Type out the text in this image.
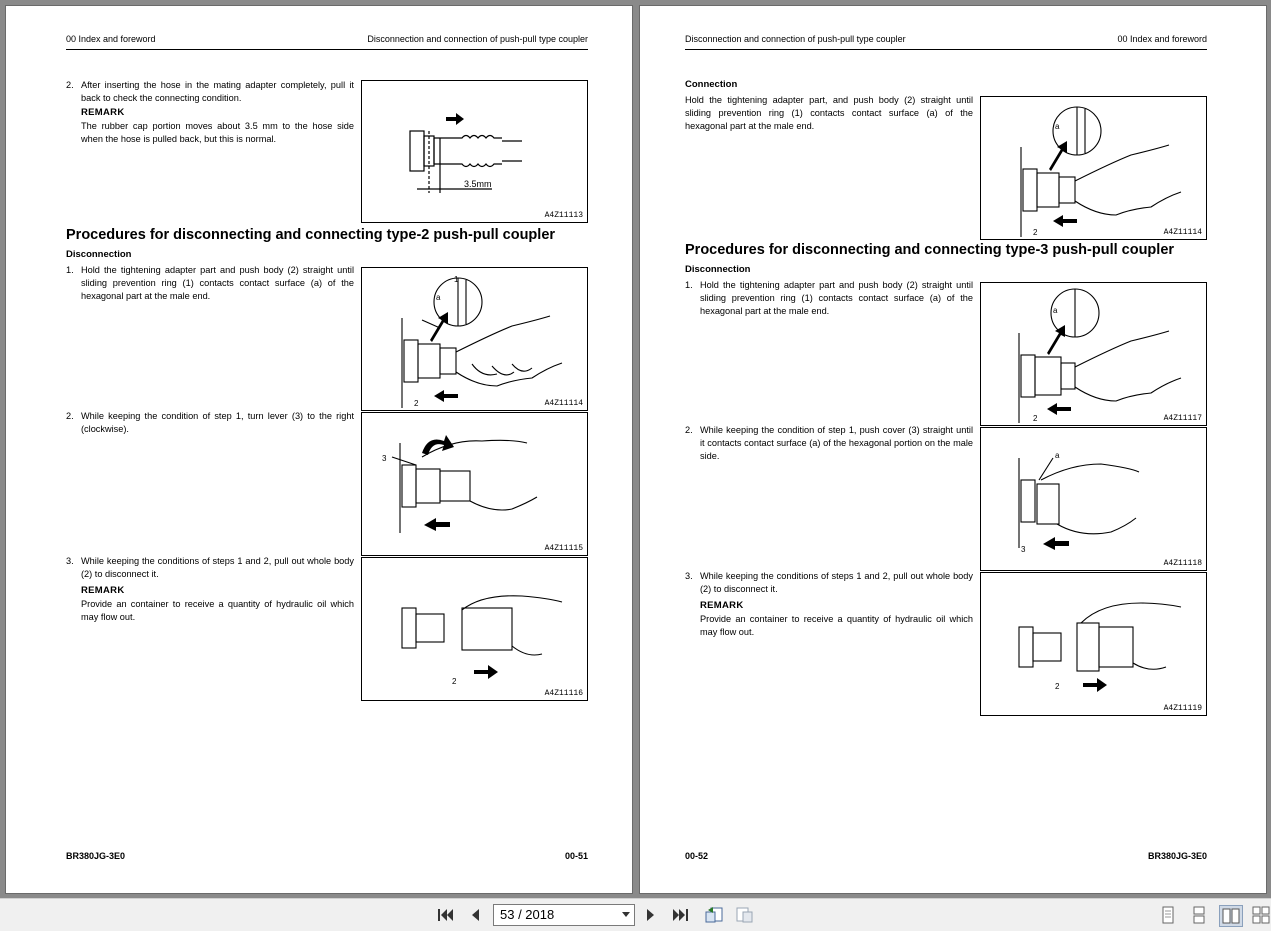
00 Index and foreword	Disconnection and connection of push-pull type coupler
2. After inserting the hose in the mating adapter completely, pull it back to check the connecting condition.
REMARK
The rubber cap portion moves about 3.5 mm to the hose side when the hose is pulled back, but this is normal.
3.5mm
A4Z11113
Procedures for disconnecting and connecting type-2 push-pull coupler
Disconnection
1. Hold the tightening adapter part and push body (2) straight until sliding prevention ring (1) contacts contact surface (a) of the hexagonal part at the male end.	a
1
2	A4Z11114
2. While keeping the condition of step 1, turn lever (3) to the right (clockwise).
3
A4Z11115
3. While keeping the conditions of steps 1 and 2, pull out whole body (2) to disconnect it.
REMARK
Provide an container to receive a quantity of hydraulic oil which may flow out.
2
A4Z11116
BR380JG-3E0	00-51
Disconnection and connection of push-pull type coupler	00 Index and foreword
Connection
Hold the tightening adapter part, and push body (2) straight until sliding prevention ring (1) contacts contact surface (a) of the hexagonal part at the male end.	a
2	A4Z11114
Procedures for disconnecting and connecting type-3 push-pull coupler
Disconnection
1. Hold the tightening adapter part and push body (2) straight until sliding prevention ring (1) contacts contact surface (a) of the hexagonal part at the male end.	a
2	A4Z11117
2. While keeping the condition of step 1, push cover (3) straight until it contacts contact surface (a) of the hexagonal portion on the male side.	a
3
A4Z11118
3. While keeping the conditions of steps 1 and 2, pull out whole body (2) to disconnect it.
REMARK
Provide an container to receive a quantity of hydraulic oil which may flow out.
2
A4Z11119
00-52	BR380JG-3E0
53 / 2018
